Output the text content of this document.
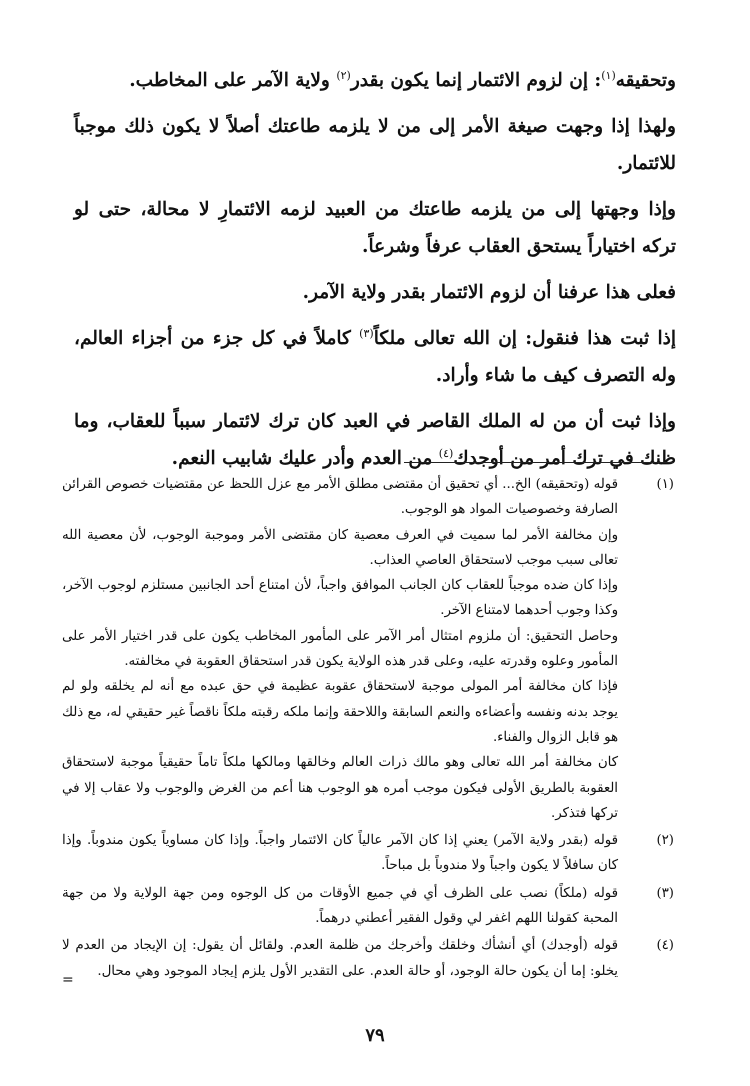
وتحقيقه$^{(١)}$: إن لزوم الائتمار إنما يكون بقدر$^{(٢)}$ ولاية الآمر على المخاطب.

ولهذا إذا وجهت صيغة الأمر إلى من لا يلزمه طاعتك أصلاً لا يكون ذلك موجباً للائتمار.

وإذا وجهتها إلى من يلزمه طاعتك من العبيد لزمه الائتمارِ لا محالة، حتى لو تركه اختياراً يستحق العقاب عرفاً وشرعاً.

فعلى هذا عرفنا أن لزوم الائتمار بقدر ولاية الآمر.

إذا ثبت هذا فنقول: إن الله تعالى ملكاً$^{(٣)}$ كاملاً في كل جزء من أجزاء العالم، وله التصرف كيف ما شاء وأراد.

وإذا ثبت أن من له الملك القاصر في العبد كان ترك لائتمار سبباً للعقاب، وما ظنك في ترك أمر من أوجدك$^{(٤)}$ من العدم وأدر عليك شابيب النعم.

(١)
قوله (وتحقيقه) الخ... أي تحقيق أن مقتضى مطلق الأمر مع عزل اللحظ عن مقتضيات خصوص القرائن الصارفة وخصوصيات المواد هو الوجوب.
وإن مخالفة الأمر لما سميت في العرف معصية كان مقتضى الأمر وموجبة الوجوب، لأن معصية الله تعالى سبب موجب لاستحقاق العاصي العذاب.
وإذا كان ضده موجباً للعقاب كان الجانب الموافق واجباً، لأن امتناع أحد الجانبين مستلزم لوجوب الآخر، وكذا وجوب أحدهما لامتناع الآخر.
وحاصل التحقيق: أن ملزوم امتثال أمر الآمر على المأمور المخاطب يكون على قدر اختيار الأمر على المأمور وعلوه وقدرته عليه، وعلى قدر هذه الولاية يكون قدر استحقاق العقوبة في مخالفته.
فإذا كان مخالفة أمر المولى موجبة لاستحقاق عقوبة عظيمة في حق عبده مع أنه لم يخلقه ولو لم يوجد بدنه ونفسه وأعضاءه والنعم السابقة واللاحقة وإنما ملكه رقبته ملكاً ناقصاً غير حقيقي له، مع ذلك هو قابل الزوال والفناء.
كان مخالفة أمر الله تعالى وهو مالك ذرات العالم وخالقها ومالكها ملكاً تاماً حقيقياً موجبة لاستحقاق العقوبة بالطريق الأولى فيكون موجب أمره هو الوجوب هنا أعم من الغرض والوجوب ولا عقاب إلا في تركها فتذكر.
(٢)
قوله (بقدر ولاية الآمر) يعني إذا كان الآمر عالياً كان الائتمار واجباً. وإذا كان مساوياً يكون مندوباً. وإذا كان سافلاً لا يكون واجباً ولا مندوباً بل مباحاً.
(٣)
قوله (ملكاً) نصب على الظرف أي في جميع الأوقات من كل الوجوه ومن جهة الولاية ولا من جهة المحبة كقولنا اللهم اغفر لي وقول الفقير أعطني درهماً.
(٤)
قوله (أوجدك) أي أنشأك وخلقك وأخرجك من ظلمة العدم. ولقائل أن يقول: إن الإيجاد من العدم لا يخلو: إما أن يكون حالة الوجود، أو حالة العدم. على التقدير الأول يلزم إيجاد الموجود وهي محال.
=
٧٩
